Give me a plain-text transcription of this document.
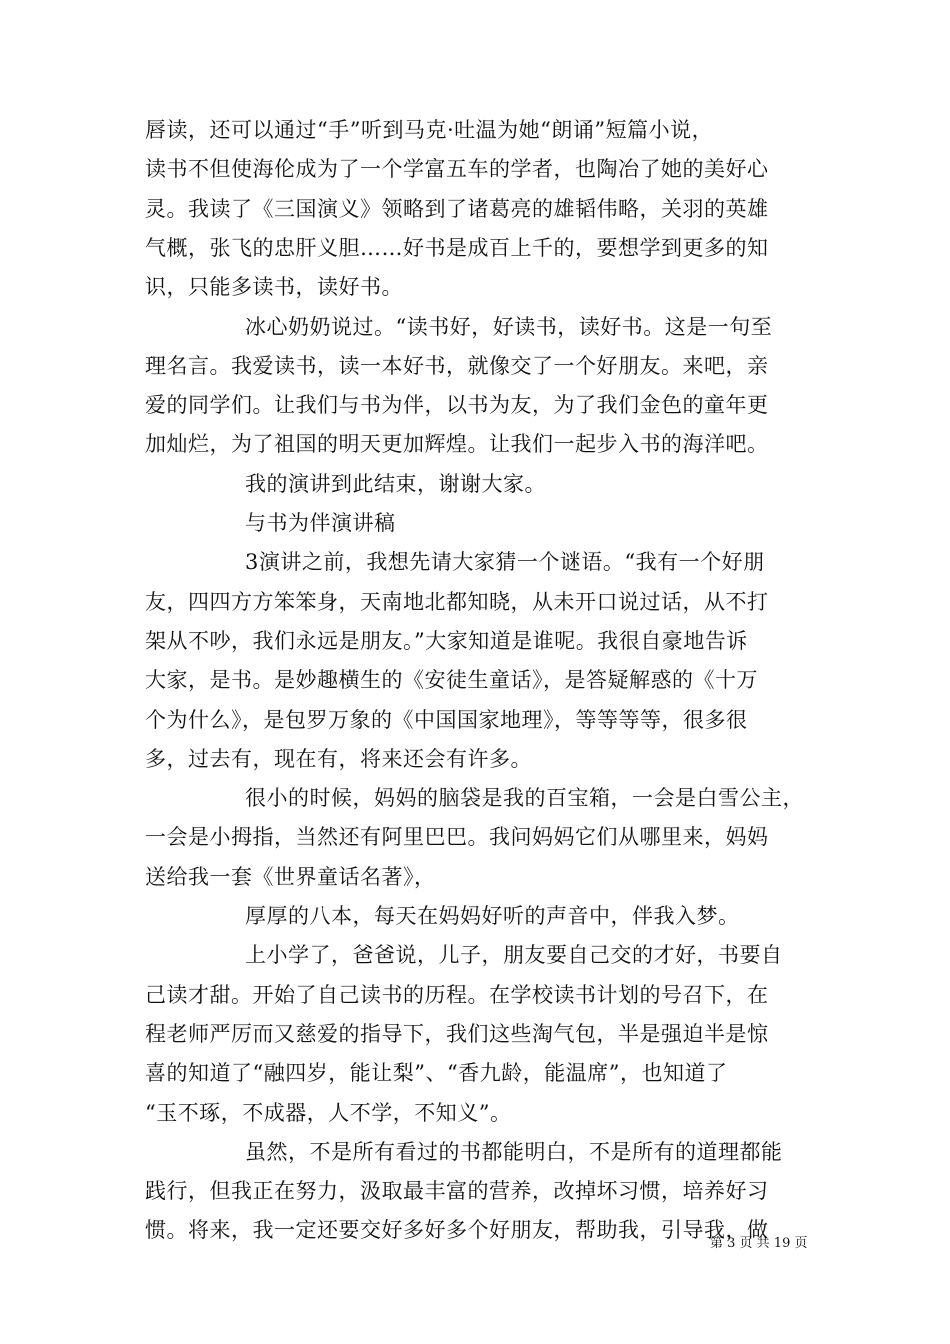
唇读，还可以通过“手”听到马克·吐温为她“朗诵”短篇小说，
读书不但使海伦成为了一个学富五车的学者，也陶冶了她的美好心
灵。我读了《三国演义》领略到了诸葛亮的雄韬伟略，关羽的英雄
气概，张飞的忠肝义胆……好书是成百上千的，要想学到更多的知
识，只能多读书，读好书。
冰心奶奶说过。“读书好，好读书，读好书。这是一句至
理名言。我爱读书，读一本好书，就像交了一个好朋友。来吧，亲
爱的同学们。让我们与书为伴，以书为友，为了我们金色的童年更
加灿烂，为了祖国的明天更加辉煌。让我们一起步入书的海洋吧。
我的演讲到此结束，谢谢大家。
与书为伴演讲稿
3演讲之前，我想先请大家猜一个谜语。“我有一个好朋
友，四四方方笨笨身，天南地北都知晓，从未开口说过话，从不打
架从不吵，我们永远是朋友。”大家知道是谁呢。我很自豪地告诉
大家，是书。是妙趣横生的《安徒生童话》，是答疑解惑的《十万
个为什么》，是包罗万象的《中国国家地理》，等等等等，很多很
多，过去有，现在有，将来还会有许多。
很小的时候，妈妈的脑袋是我的百宝箱，一会是白雪公主，
一会是小拇指，当然还有阿里巴巴。我问妈妈它们从哪里来，妈妈
送给我一套《世界童话名著》，
厚厚的八本，每天在妈妈好听的声音中，伴我入梦。
上小学了，爸爸说，儿子，朋友要自己交的才好，书要自
己读才甜。开始了自己读书的历程。在学校读书计划的号召下，在
程老师严厉而又慈爱的指导下，我们这些淘气包，半是强迫半是惊
喜的知道了“融四岁，能让梨”、“香九龄，能温席”，也知道了
“玉不琢，不成器，人不学，不知义”。
虽然，不是所有看过的书都能明白，不是所有的道理都能
践行，但我正在努力，汲取最丰富的营养，改掉坏习惯，培养好习
惯。将来，我一定还要交好多好多个好朋友，帮助我，引导我，做
第 3 页 共 19 页
